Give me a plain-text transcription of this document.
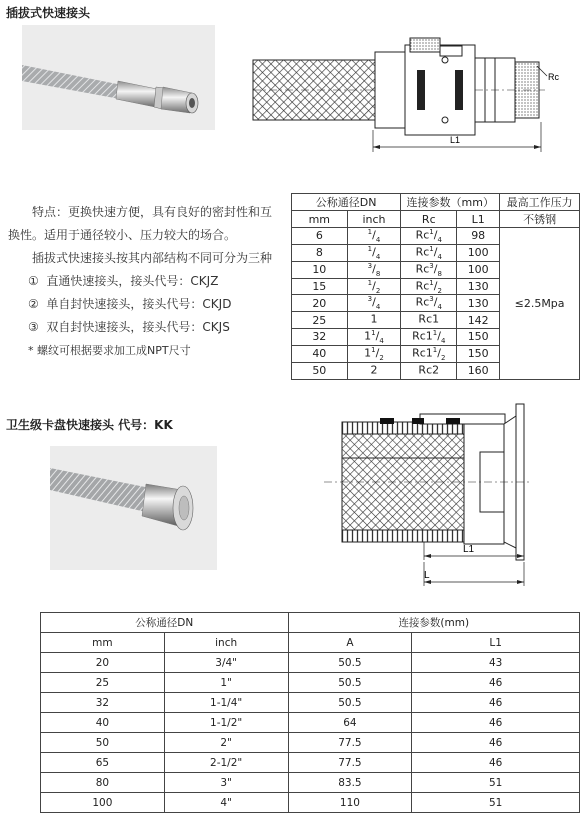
插拔式快速接头
Rc
L1
特点：更换快速方便，具有良好的密封性和互
换性。适用于通径较小、压力较大的场合。
插拔式快速接头按其内部结构不同可分为三种
① 直通快速接头，接头代号：CKJZ
② 单自封快速接头，接头代号：CKJD
③ 双自封快速接头，接头代号：CKJS
* 螺纹可根据要求加工成NPT尺寸
公称通径DN		连接参数（mm）		最高工作压力
mm	inch	Rc	L1	不锈钢
6	$^1/_4$	$Rc^1/_4$	98	≤2.5Mpa
8	$^1/_4$	$Rc^1/_4$	100	
10	$^3/_8$	$Rc^3/_8$	100	
15	$^1/_2$	$Rc^1/_2$	130	
20	$^3/_4$	$Rc^3/_4$	130	
25	1	Rc1	142	
32	$1^1/_4$	$Rc1^1/_4$	150	
40	$1^1/_2$	$Rc1^1/_2$	150	
50	2	Rc2	160	
卫生级卡盘快速接头 代号：KK
L1
L
公称通径DN		连接参数(mm)	
mm	inch	A	L1
20	3/4"	50.5	43
25	1"	50.5	46
32	1-1/4"	50.5	46
40	1-1/2"	64	46
50	2"	77.5	46
65	2-1/2"	77.5	46
80	3"	83.5	51
100	4"	110	51
